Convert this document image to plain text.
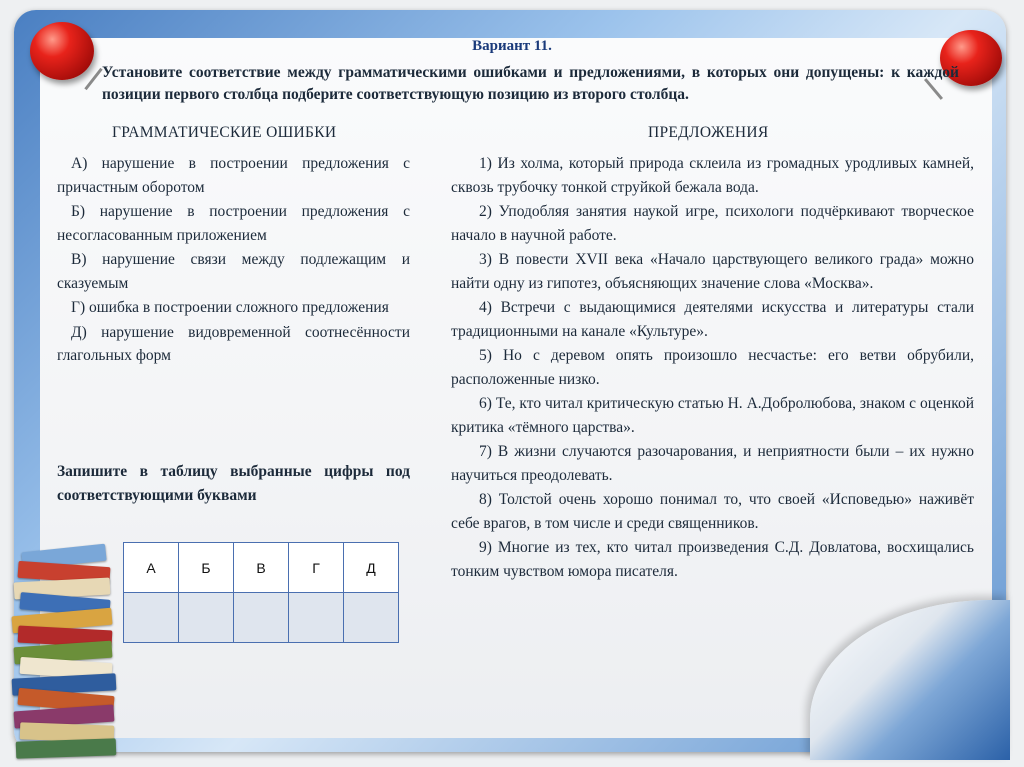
Вариант 11.
Установите соответствие между грамматическими ошибками и предложениями, в которых они допущены: к каждой позиции первого столбца подберите соответствующую позицию из второго столбца.
ГРАММАТИЧЕСКИЕ ОШИБКИ	ПРЕДЛОЖЕНИЯ

А) нарушение в построении предложения с причастным оборотом

Б) нарушение в построении предложения с несогласованным приложением

В) нарушение связи между подлежащим и сказуемым

Г) ошибка в построении сложного предложения

Д) нарушение видовременной соотнесённости глагольных форм

Запишите в таблицу выбранные цифры под соответствующими буквами

1) Из холма, который природа склеила из громадных уродливых камней, сквозь трубочку тонкой струйкой бежала вода.

2) Уподобляя занятия наукой игре, психологи подчёркивают творческое начало в научной работе.

3) В повести XVII века «Начало царствующего великого града» можно найти одну из гипотез, объясняющих значение слова «Москва».

4) Встречи с выдающимися деятелями искусства и литературы стали традиционными на канале «Культуре».

5) Но с деревом опять произошло несчастье: его ветви обрубили, расположенные низко.

6) Те, кто читал критическую статью Н. А.Добролюбова, знаком с оценкой критика «тёмного царства».

7) В жизни случаются разочарования, и неприятности были – их нужно научиться преодолевать.

8) Толстой очень хорошо понимал то, что своей «Исповедью» наживёт себе врагов, в том числе и среди священников.

9) Многие из тех, кто читал произведения С.Д. Довлатова, восхищались тонким чувством юмора писателя.

А	Б	В	Г	Д
